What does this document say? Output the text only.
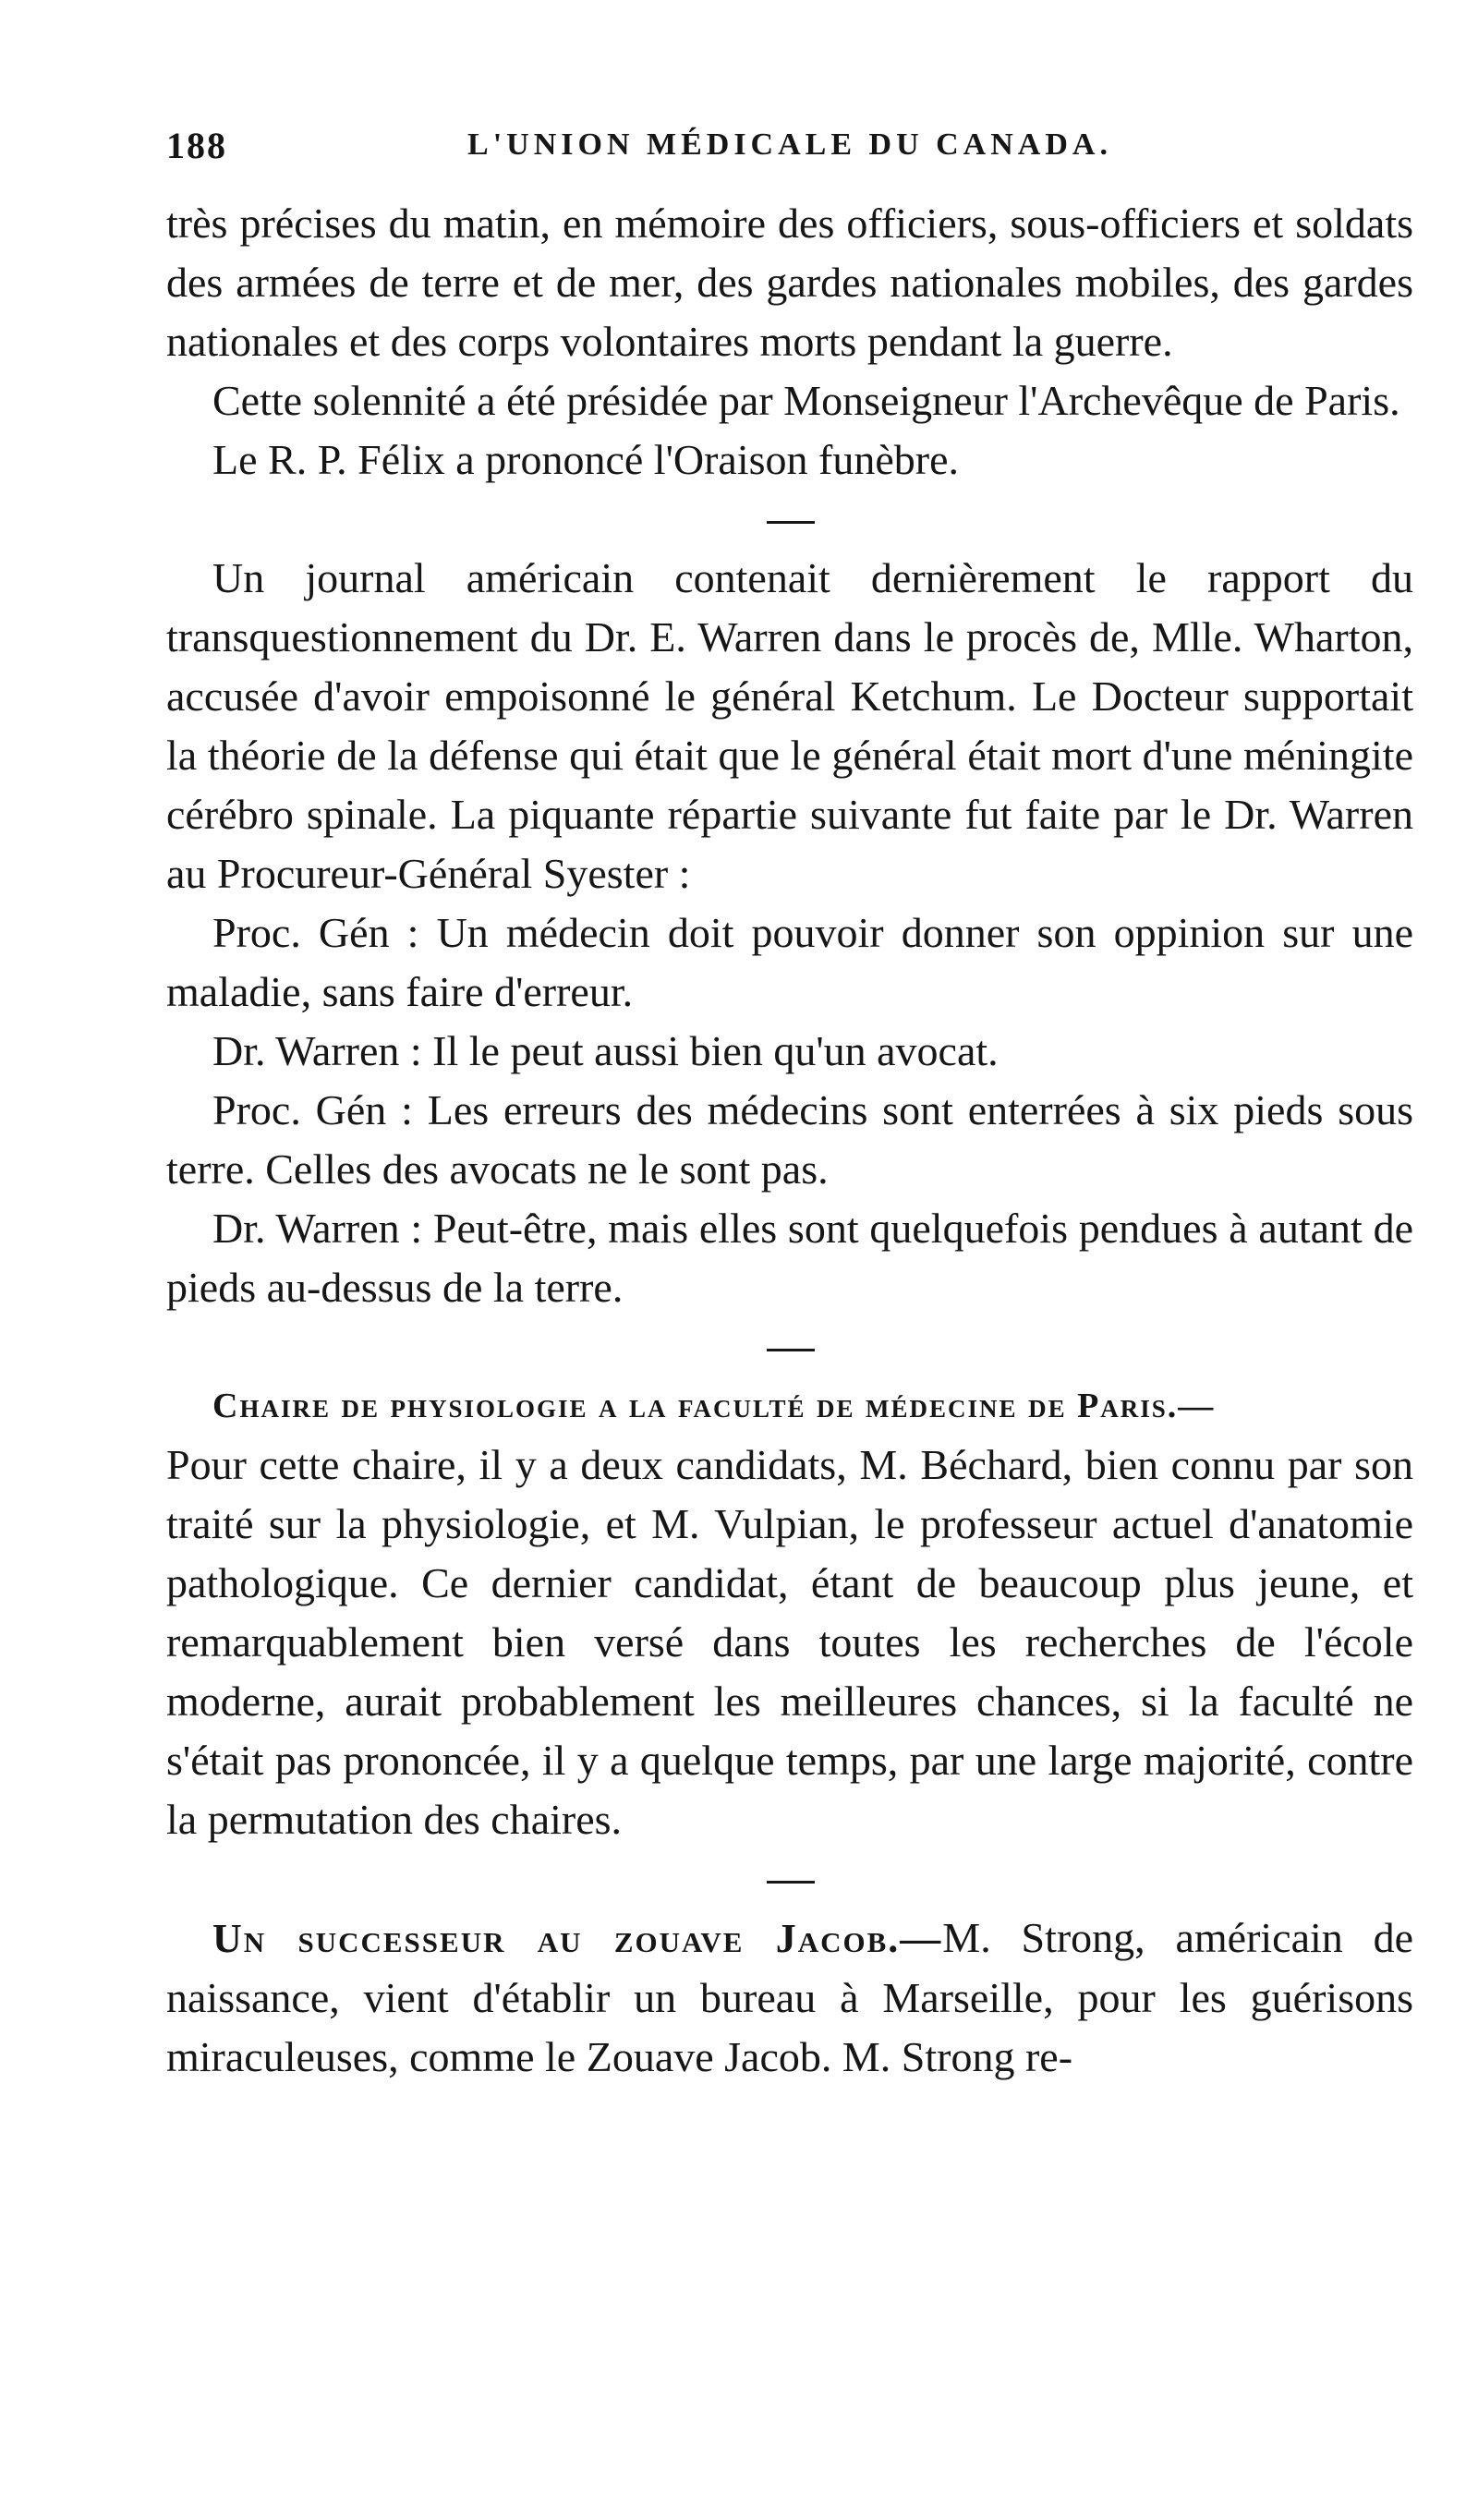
188	L'UNION MÉDICALE DU CANADA.

très précises du matin, en mémoire des officiers, sous-officiers et soldats des armées de terre et de mer, des gardes nationales mobiles, des gardes nationales et des corps volontaires morts pendant la guerre.

Cette solennité a été présidée par Monseigneur l'Archevêque de Paris.

Le R. P. Félix a prononcé l'Oraison funèbre.

Un journal américain contenait dernièrement le rapport du transquestionnement du Dr. E. Warren dans le procès de, Mlle. Wharton, accusée d'avoir empoisonné le général Ketchum. Le Docteur supportait la théorie de la défense qui était que le général était mort d'une méningite cérébro spinale. La piquante répartie suivante fut faite par le Dr. Warren au Procureur-Général Syester :

Proc. Gén : Un médecin doit pouvoir donner son oppinion sur une maladie, sans faire d'erreur.

Dr. Warren : Il le peut aussi bien qu'un avocat.

Proc. Gén : Les erreurs des médecins sont enterrées à six pieds sous terre. Celles des avocats ne le sont pas.

Dr. Warren : Peut-être, mais elles sont quelquefois pendues à autant de pieds au-dessus de la terre.

Chaire de physiologie a la faculté de médecine de Paris.—

Pour cette chaire, il y a deux candidats, M. Béchard, bien connu par son traité sur la physiologie, et M. Vulpian, le professeur actuel d'anatomie pathologique. Ce dernier candidat, étant de beaucoup plus jeune, et remarquablement bien versé dans toutes les recherches de l'école moderne, aurait probablement les meilleures chances, si la faculté ne s'était pas prononcée, il y a quelque temps, par une large majorité, contre la permutation des chaires.

Un successeur au zouave Jacob.—M. Strong, américain de naissance, vient d'établir un bureau à Marseille, pour les guérisons miraculeuses, comme le Zouave Jacob. M. Strong re-
